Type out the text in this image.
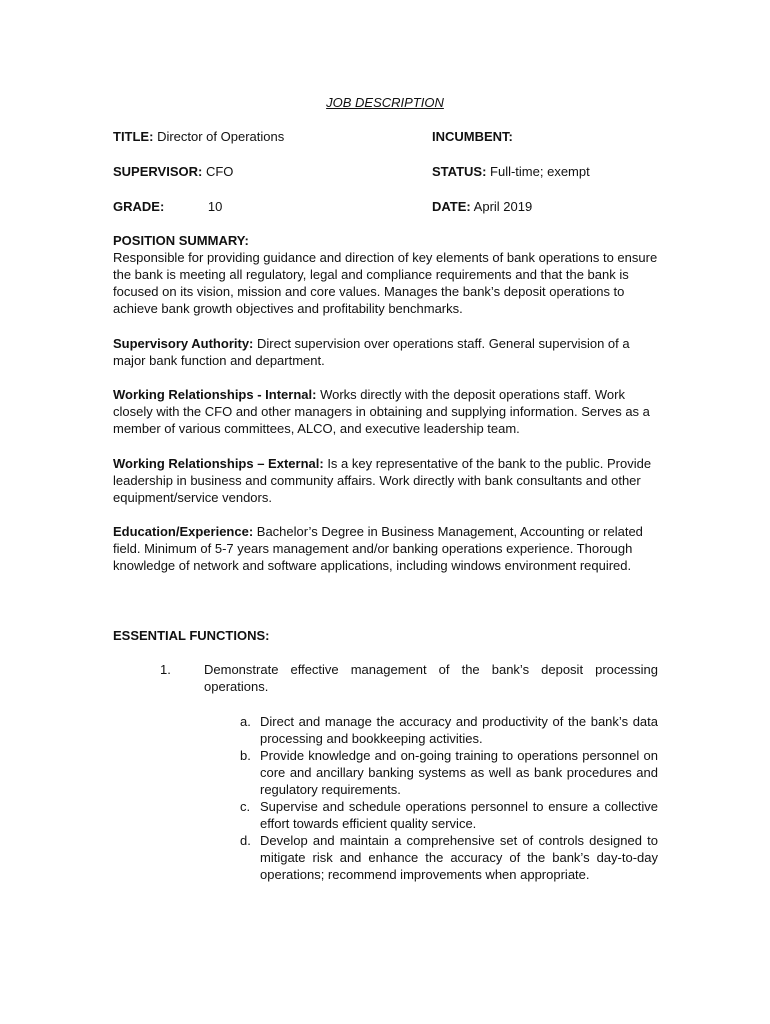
JOB DESCRIPTION
TITLE: Director of Operations	INCUMBENT:
SUPERVISOR: CFO	STATUS: Full-time; exempt
GRADE:	10	DATE: April 2019
POSITION SUMMARY:
Responsible for providing guidance and direction of key elements of bank operations to ensure the bank is meeting all regulatory, legal and compliance requirements and that the bank is focused on its vision, mission and core values. Manages the bank’s deposit operations to achieve bank growth objectives and profitability benchmarks.
Supervisory Authority: Direct supervision over operations staff. General supervision of a major bank function and department.
Working Relationships - Internal: Works directly with the deposit operations staff. Work closely with the CFO and other managers in obtaining and supplying information. Serves as a member of various committees, ALCO, and executive leadership team.
Working Relationships – External: Is a key representative of the bank to the public. Provide leadership in business and community affairs. Work directly with bank consultants and other equipment/service vendors.
Education/Experience: Bachelor’s Degree in Business Management, Accounting or related field. Minimum of 5-7 years management and/or banking operations experience. Thorough knowledge of network and software applications, including windows environment required.
ESSENTIAL FUNCTIONS:
1.	Demonstrate effective management of the bank’s deposit processing operations.
a. Direct and manage the accuracy and productivity of the bank’s data processing and bookkeeping activities.
b. Provide knowledge and on-going training to operations personnel on core and ancillary banking systems as well as bank procedures and regulatory requirements.
c. Supervise and schedule operations personnel to ensure a collective effort towards efficient quality service.
d. Develop and maintain a comprehensive set of controls designed to mitigate risk and enhance the accuracy of the bank’s day-to-day operations; recommend improvements when appropriate.
